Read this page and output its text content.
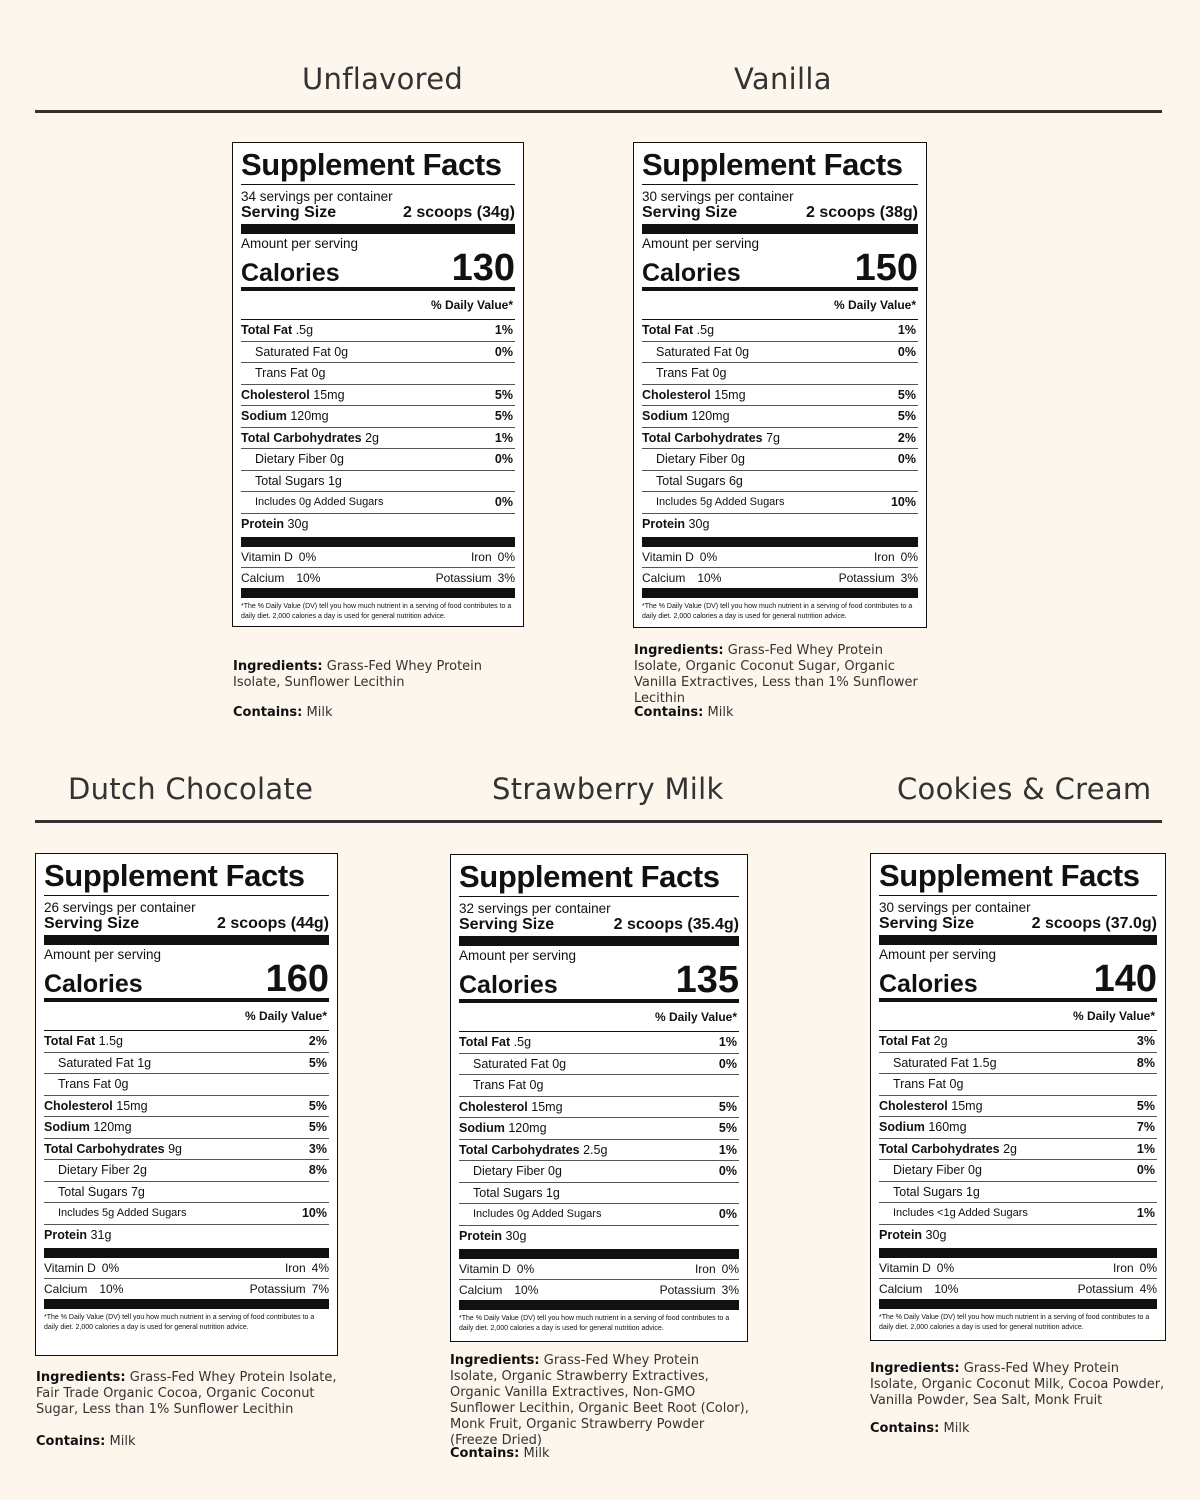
Unflavored	Vanilla
Dutch Chocolate	Strawberry Milk	Cookies & Cream
Supplement Facts
34 servings per container
Serving Size	2 scoops (34g)
Amount per serving
Calories	130
% Daily Value*
Total Fat .5g	1%
Saturated Fat 0g	0%
Trans Fat 0g
Cholesterol 15mg	5%
Sodium 120mg	5%
Total Carbohydrates 2g	1%
Dietary Fiber 0g	0%
Total Sugars 1g
Includes 0g Added Sugars	0%
Protein 30g
Vitamin D 0%	Iron 0%
Calcium 10%	Potassium 3%
*The % Daily Value (DV) tell you how much nutrient in a serving of food contributes to a daily diet. 2,000 calories a day is used for general nutrition advice.
Supplement Facts
30 servings per container
Serving Size	2 scoops (38g)
Amount per serving
Calories	150
% Daily Value*
Total Fat .5g	1%
Saturated Fat 0g	0%
Trans Fat 0g
Cholesterol 15mg	5%
Sodium 120mg	5%
Total Carbohydrates 7g	2%
Dietary Fiber 0g	0%
Total Sugars 6g
Includes 5g Added Sugars	10%
Protein 30g
Vitamin D 0%	Iron 0%
Calcium 10%	Potassium 3%
*The % Daily Value (DV) tell you how much nutrient in a serving of food contributes to a daily diet. 2,000 calories a day is used for general nutrition advice.
Supplement Facts
26 servings per container
Serving Size	2 scoops (44g)
Amount per serving
Calories	160
% Daily Value*
Total Fat 1.5g	2%
Saturated Fat 1g	5%
Trans Fat 0g
Cholesterol 15mg	5%
Sodium 120mg	5%
Total Carbohydrates 9g	3%
Dietary Fiber 2g	8%
Total Sugars 7g
Includes 5g Added Sugars	10%
Protein 31g
Vitamin D 0%	Iron 4%
Calcium 10%	Potassium 7%
*The % Daily Value (DV) tell you how much nutrient in a serving of food contributes to a daily diet. 2,000 calories a day is used for general nutrition advice.
Supplement Facts
32 servings per container
Serving Size	2 scoops (35.4g)
Amount per serving
Calories	135
% Daily Value*
Total Fat .5g	1%
Saturated Fat 0g	0%
Trans Fat 0g
Cholesterol 15mg	5%
Sodium 120mg	5%
Total Carbohydrates 2.5g	1%
Dietary Fiber 0g	0%
Total Sugars 1g
Includes 0g Added Sugars	0%
Protein 30g
Vitamin D 0%	Iron 0%
Calcium 10%	Potassium 3%
*The % Daily Value (DV) tell you how much nutrient in a serving of food contributes to a daily diet. 2,000 calories a day is used for general nutrition advice.
Supplement Facts
30 servings per container
Serving Size	2 scoops (37.0g)
Amount per serving
Calories	140
% Daily Value*
Total Fat 2g	3%
Saturated Fat 1.5g	8%
Trans Fat 0g
Cholesterol 15mg	5%
Sodium 160mg	7%
Total Carbohydrates 2g	1%
Dietary Fiber 0g	0%
Total Sugars 1g
Includes <1g Added Sugars	1%
Protein 30g
Vitamin D 0%	Iron 0%
Calcium 10%	Potassium 4%
*The % Daily Value (DV) tell you how much nutrient in a serving of food contributes to a daily diet. 2,000 calories a day is used for general nutrition advice.
Ingredients: Grass-Fed Whey Protein Isolate, Sunflower Lecithin
Contains: Milk
Ingredients: Grass-Fed Whey Protein Isolate, Organic Coconut Sugar, Organic Vanilla Extractives, Less than 1% Sunflower Lecithin
Contains: Milk
Ingredients: Grass-Fed Whey Protein Isolate, Fair Trade Organic Cocoa, Organic Coconut Sugar, Less than 1% Sunflower Lecithin
Contains: Milk
Ingredients: Grass-Fed Whey Protein Isolate, Organic Strawberry Extractives, Organic Vanilla Extractives, Non-GMO Sunflower Lecithin, Organic Beet Root (Color), Monk Fruit, Organic Strawberry Powder (Freeze Dried)
Contains: Milk
Ingredients: Grass-Fed Whey Protein Isolate, Organic Coconut Milk, Cocoa Powder, Vanilla Powder, Sea Salt, Monk Fruit
Contains: Milk
